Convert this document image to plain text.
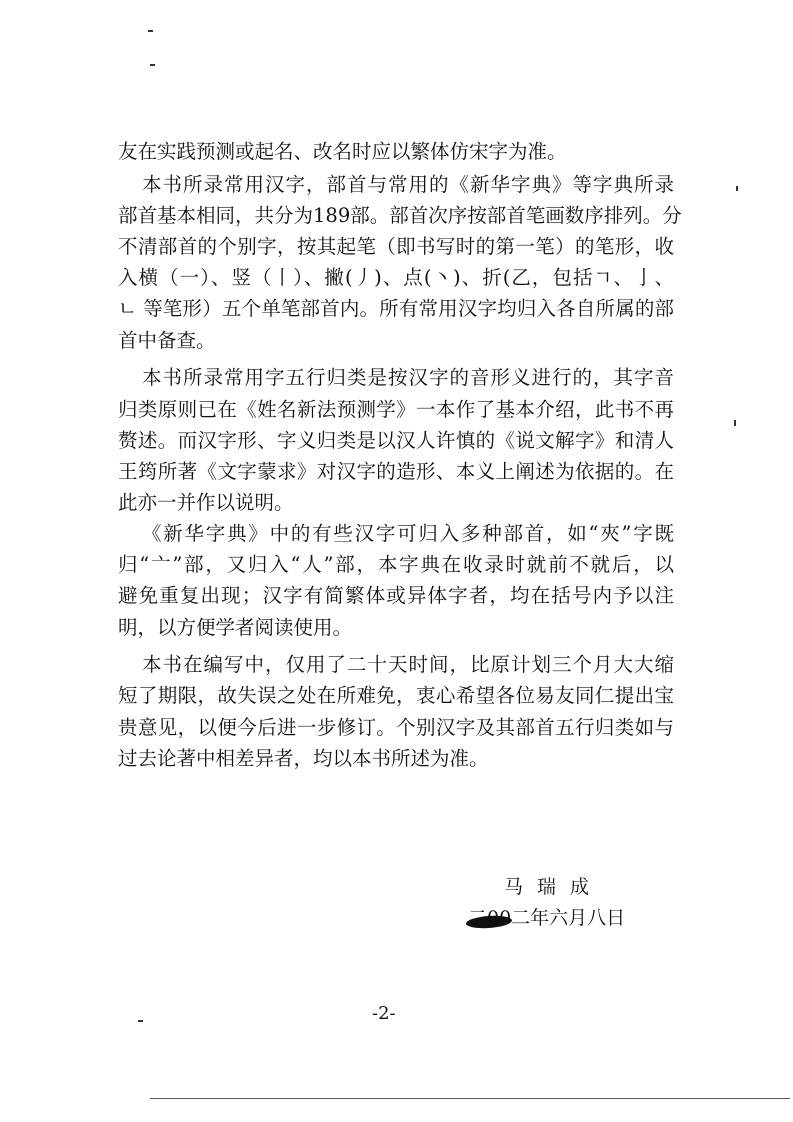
友在实践预测或起名、改名时应以繁体仿宋字为准。
本书所录常用汉字，部首与常用的《新华字典》等字典所录
部首基本相同，共分为189部。部首次序按部首笔画数序排列。分
不清部首的个别字，按其起笔（即书写时的第一笔）的笔形，收
入横（一）、竖（丨）、撇(丿)、点(丶)、折(乙，包括ㄱ、亅、
ㄴ 等笔形）五个单笔部首内。所有常用汉字均归入各自所属的部
首中备查。
本书所录常用字五行归类是按汉字的音形义进行的，其字音
归类原则已在《姓名新法预测学》一本作了基本介绍，此书不再
赘述。而汉字形、字义归类是以汉人许慎的《说文解字》和清人
王筠所著《文字蒙求》对汉字的造形、本义上阐述为依据的。在
此亦一并作以说明。
《新华字典》中的有些汉字可归入多种部首，如“夾”字既
归“亠”部，又归入“人”部，本字典在收录时就前不就后，以
避免重复出现；汉字有简繁体或异体字者，均在括号内予以注
明，以方便学者阅读使用。
本书在编写中，仅用了二十天时间，比原计划三个月大大缩
短了期限，故失误之处在所难免，衷心希望各位易友同仁提出宝
贵意见，以便今后进一步修订。个别汉字及其部首五行归类如与
过去论著中相差异者，均以本书所述为准。
马瑞成
二00二年六月八日
-2-
